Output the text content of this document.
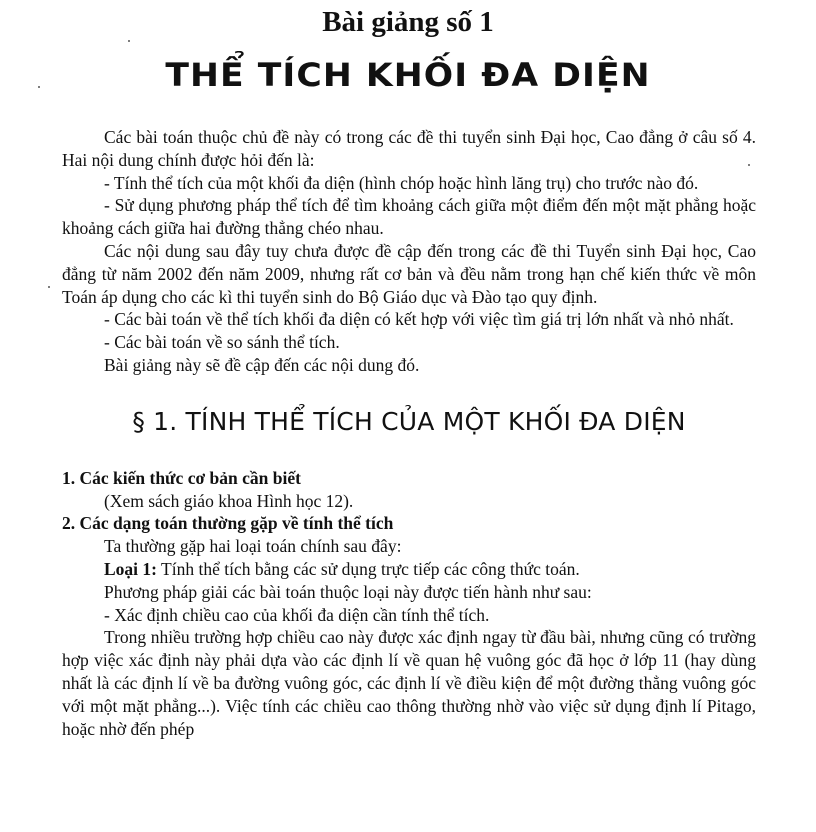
Bài giảng số 1
THỂ TÍCH KHỐI ĐA DIỆN

Các bài toán thuộc chủ đề này có trong các đề thi tuyển sinh Đại học, Cao đẳng ở câu số 4. Hai nội dung chính được hỏi đến là:

- Tính thể tích của một khối đa diện (hình chóp hoặc hình lăng trụ) cho trước nào đó.

- Sử dụng phương pháp thể tích để tìm khoảng cách giữa một điểm đến một mặt phẳng hoặc khoảng cách giữa hai đường thẳng chéo nhau.

Các nội dung sau đây tuy chưa được đề cập đến trong các đề thi Tuyển sinh Đại học, Cao đẳng từ năm 2002 đến năm 2009, nhưng rất cơ bản và đều nằm trong hạn chế kiến thức về môn Toán áp dụng cho các kì thi tuyển sinh do Bộ Giáo dục và Đào tạo quy định.

- Các bài toán về thể tích khối đa diện có kết hợp với việc tìm giá trị lớn nhất và nhỏ nhất.

- Các bài toán về so sánh thể tích.

Bài giảng này sẽ đề cập đến các nội dung đó.

§ 1. TÍNH THỂ TÍCH CỦA MỘT KHỐI ĐA DIỆN

1. Các kiến thức cơ bản cần biết

(Xem sách giáo khoa Hình học 12).

2. Các dạng toán thường gặp về tính thể tích

Ta thường gặp hai loại toán chính sau đây:

Loại 1: Tính thể tích bằng các sử dụng trực tiếp các công thức toán.

Phương pháp giải các bài toán thuộc loại này được tiến hành như sau:

- Xác định chiều cao của khối đa diện cần tính thể tích.

Trong nhiều trường hợp chiều cao này được xác định ngay từ đầu bài, nhưng cũng có trường hợp việc xác định này phải dựa vào các định lí về quan hệ vuông góc đã học ở lớp 11 (hay dùng nhất là các định lí về ba đường vuông góc, các định lí về điều kiện để một đường thẳng vuông góc với một mặt phẳng...). Việc tính các chiều cao thông thường nhờ vào việc sử dụng định lí Pitago, hoặc nhờ đến phép
